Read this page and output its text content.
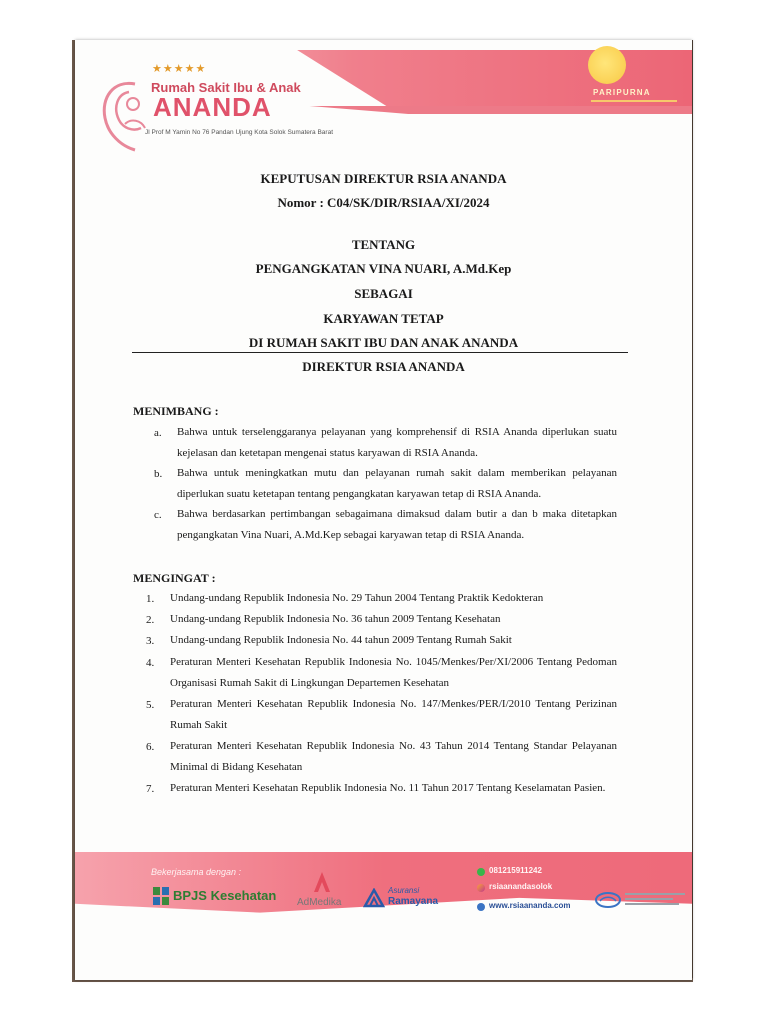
★★★★★
Rumah Sakit Ibu & Anak
ANANDA
Jl Prof M Yamin No 76 Pandan Ujung Kota Solok Sumatera Barat
PARIPURNA
KEPUTUSAN DIREKTUR RSIA ANANDA
Nomor : C04/SK/DIR/RSIAA/XI/2024
TENTANG
PENGANGKATAN VINA NUARI, A.Md.Kep
SEBAGAI
KARYAWAN TETAP
DI RUMAH SAKIT IBU DAN ANAK ANANDA
DIREKTUR RSIA ANANDA
MENIMBANG :
a. Bahwa untuk terselenggaranya pelayanan yang komprehensif di RSIA Ananda diperlukan suatu kejelasan dan ketetapan mengenai status karyawan di RSIA Ananda.
b. Bahwa untuk meningkatkan mutu dan pelayanan rumah sakit dalam memberikan pelayanan diperlukan suatu ketetapan tentang pengangkatan karyawan tetap di RSIA Ananda.
c. Bahwa berdasarkan pertimbangan sebagaimana dimaksud dalam butir a dan b maka ditetapkan pengangkatan Vina Nuari, A.Md.Kep sebagai karyawan tetap di RSIA Ananda.
MENGINGAT :
1. Undang-undang Republik Indonesia No. 29 Tahun 2004 Tentang Praktik Kedokteran
2. Undang-undang Republik Indonesia No. 36 tahun 2009 Tentang Kesehatan
3. Undang-undang Republik Indonesia No. 44 tahun 2009 Tentang Rumah Sakit
4. Peraturan Menteri Kesehatan Republik Indonesia No. 1045/Menkes/Per/XI/2006 Tentang Pedoman Organisasi Rumah Sakit di Lingkungan Departemen Kesehatan
5. Peraturan Menteri Kesehatan Republik Indonesia No. 147/Menkes/PER/I/2010 Tentang Perizinan Rumah Sakit
6. Peraturan Menteri Kesehatan Republik Indonesia No. 43 Tahun 2014 Tentang Standar Pelayanan Minimal di Bidang Kesehatan
7. Peraturan Menteri Kesehatan Republik Indonesia No. 11 Tahun 2017 Tentang Keselamatan Pasien.
Bekerjasama dengan :
BPJS Kesehatan AdMedika
Asuransi
Ramayana
081215911242
rsiaanandasolok
www.rsiaananda.com
